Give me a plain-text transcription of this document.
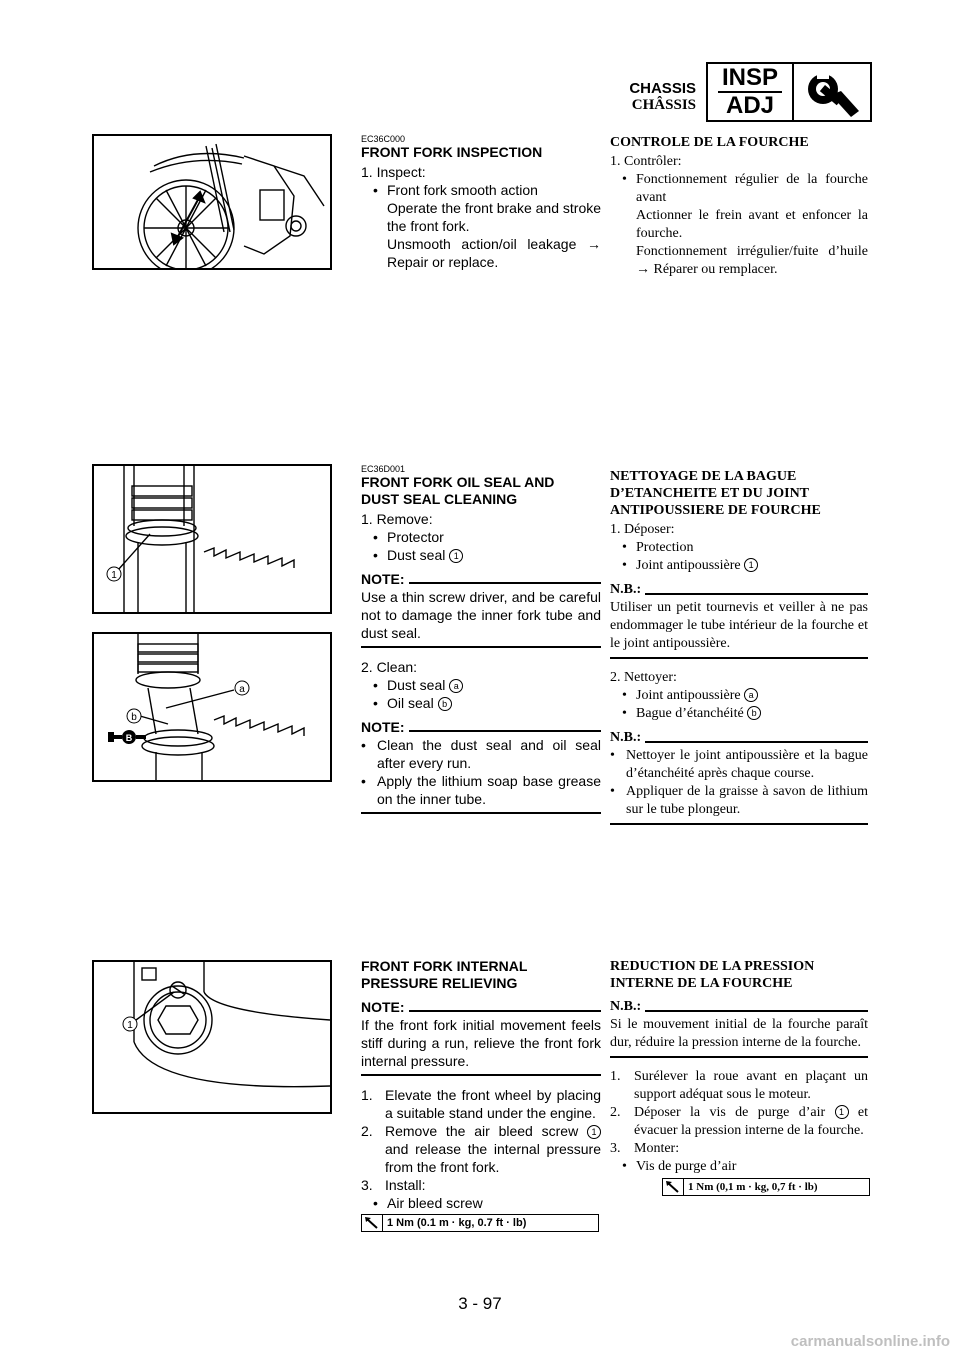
CHASSIS
CHÂSSIS
INSP
ADJ
EC36C000
FRONT FORK INSPECTION
1. Inspect:
• Front fork smooth action
Operate the front brake and stroke the front fork.
Unsmooth action/oil leakage → Repair or replace.
CONTROLE DE LA FOURCHE
1. Contrôler:
• Fonctionnement régulier de la fourche avant
Actionner le frein avant et enfoncer la fourche.
Fonctionnement irrégulier/fuite d’huile → Réparer ou remplacer.
1
a
b
B
EC36D001
FRONT FORK OIL SEAL AND
DUST SEAL CLEANING
1. Remove:
• Protector
• Dust seal 1
NOTE:
Use a thin screw driver, and be careful not to damage the inner fork tube and dust seal.
2. Clean:
• Dust seal a
• Oil seal b
NOTE:
• Clean the dust seal and oil seal after every run.
• Apply the lithium soap base grease on the inner tube.
NETTOYAGE DE LA BAGUE
D’ETANCHEITE ET DU JOINT
ANTIPOUSSIERE DE FOURCHE
1. Déposer:
• Protection
• Joint antipoussière 1
N.B.:
Utiliser un petit tournevis et veiller à ne pas endommager le tube intérieur de la fourche et le joint antipoussière.
2. Nettoyer:
• Joint antipoussière a
• Bague d’étanchéité b
N.B.:
• Nettoyer le joint antipoussière et la bague d’étanchéité après chaque course.
• Appliquer de la graisse à savon de lithium sur le tube plongeur.
1
FRONT FORK INTERNAL
PRESSURE RELIEVING
NOTE:
If the front fork initial movement feels stiff during a run, relieve the front fork internal pressure.
1. Elevate the front wheel by placing a suitable stand under the engine.
2. Remove the air bleed screw 1 and release the internal pressure from the front fork.
3. Install:
• Air bleed screw
1 Nm (0.1 m · kg, 0.7 ft · lb)
REDUCTION DE LA PRESSION
INTERNE DE LA FOURCHE
N.B.:
Si le mouvement initial de la fourche paraît dur, réduire la pression interne de la fourche.
1. Surélever la roue avant en plaçant un support adéquat sous le moteur.
2. Déposer la vis de purge d’air 1 et évacuer la pression interne de la fourche.
3. Monter:
• Vis de purge d’air
1 Nm (0,1 m · kg, 0,7 ft · lb)
3 - 97
carmanualsonline.info
